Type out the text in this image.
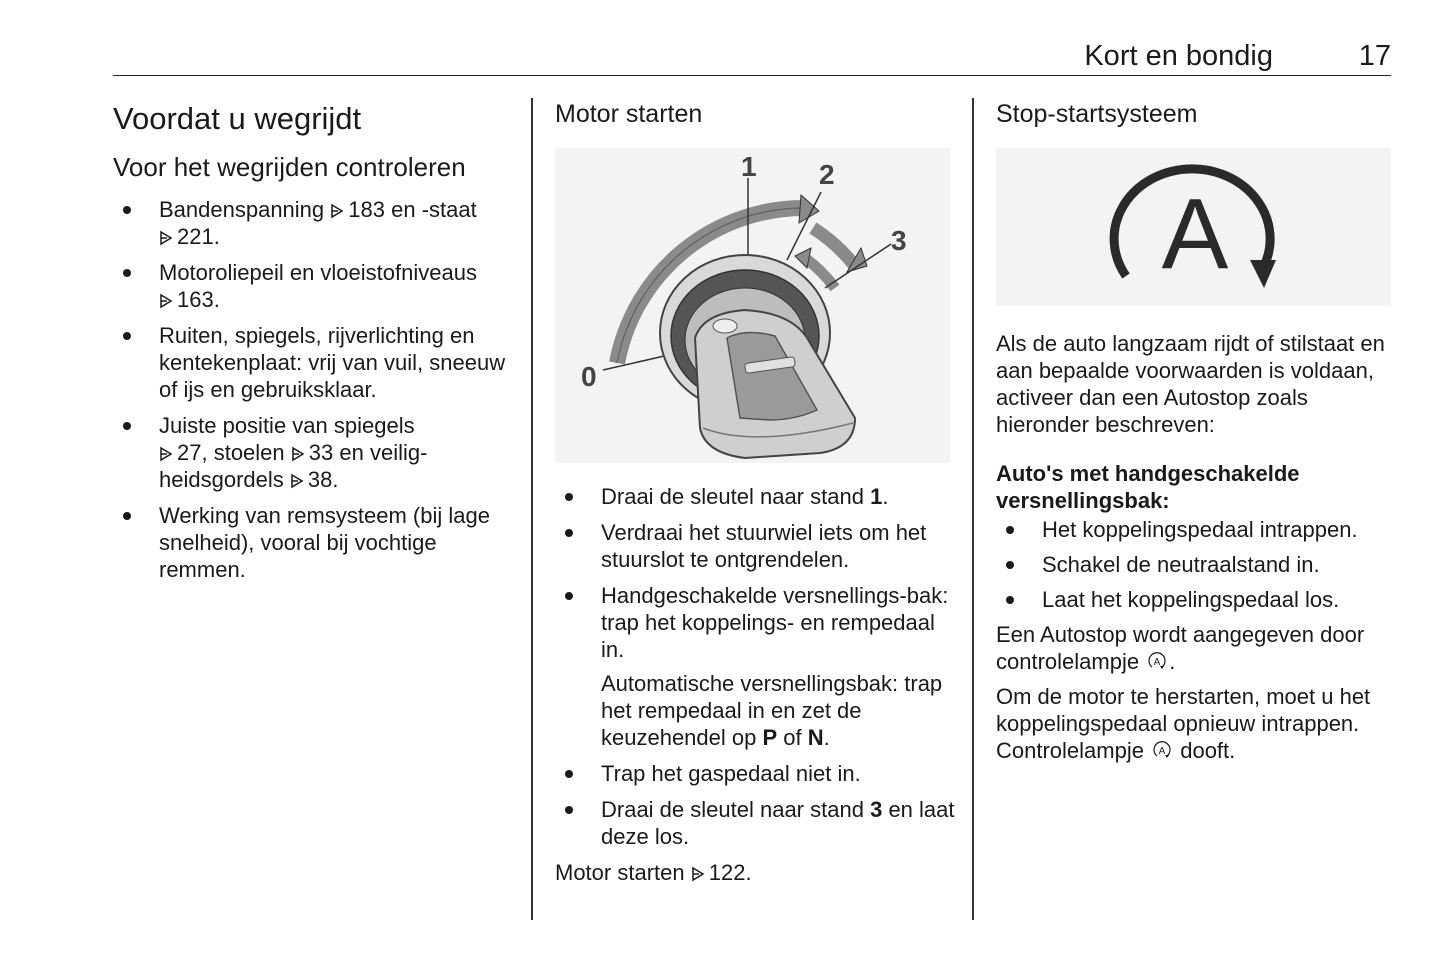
Kort en bondig	17
Voordat u wegrijdt
Voor het wegrijden controleren
Bandenspanning 183 en -staat
221.
Motoroliepeil en vloeistofniveaus
163.
Ruiten, spiegels, rijverlichting en kentekenplaat: vrij van vuil, sneeuw of ijs en gebruiksklaar.
Juiste positie van spiegels
27, stoelen 33 en veilig-heidsgordels 38.
Werking van remsysteem (bij lage snelheid), vooral bij vochtige remmen.
Motor starten
1 2
3
0
Draai de sleutel naar stand 1.
Verdraai het stuurwiel iets om het stuurslot te ontgrendelen.
Handgeschakelde versnellings-bak: trap het koppelings- en rempedaal in.

Automatische versnellingsbak: trap het rempedaal in en zet de keuzehendel op P of N.

Trap het gaspedaal niet in.
Draai de sleutel naar stand 3 en laat deze los.

Motor starten 122.

Stop-startsysteem
A

Als de auto langzaam rijdt of stilstaat en aan bepaalde voorwaarden is voldaan, activeer dan een Autostop zoals hieronder beschreven:

Auto's met handgeschakelde versnellingsbak:
Het koppelingspedaal intrappen.
Schakel de neutraalstand in.
Laat het koppelingspedaal los.

Een Autostop wordt aangegeven door controlelampje A .

Om de motor te herstarten, moet u het koppelingspedaal opnieuw intrappen. Controlelampje A dooft.
